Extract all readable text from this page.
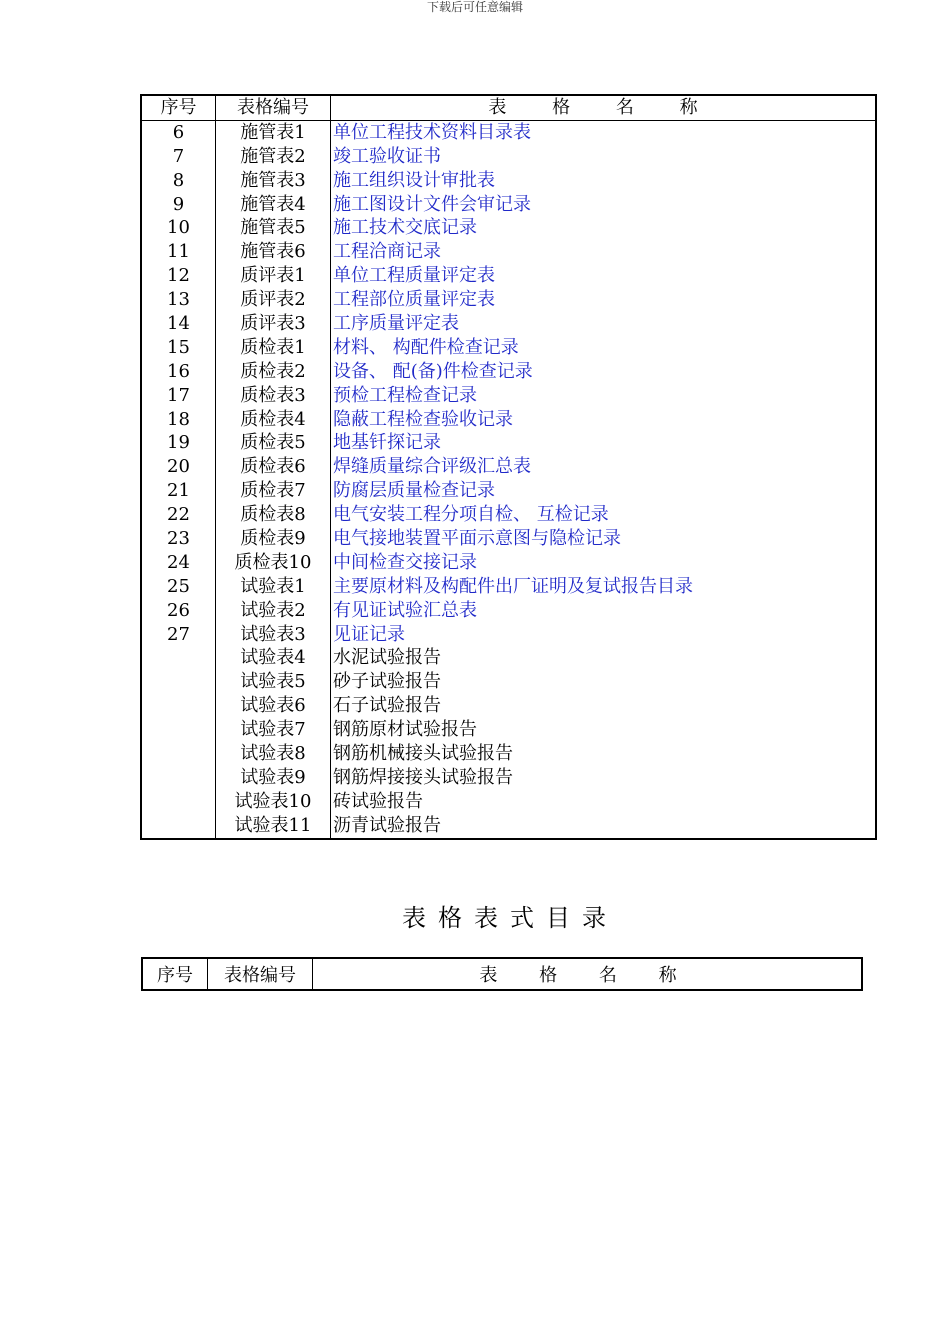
下载后可任意编辑
序号	表格编号	表 格 名 称
6	施管表1	单位工程技术资料目录表
7	施管表2	竣工验收证书
8	施管表3	施工组织设计审批表
9	施管表4	施工图设计文件会审记录
10	施管表5	施工技术交底记录
11	施管表6	工程洽商记录
12	质评表1	单位工程质量评定表
13	质评表2	工程部位质量评定表
14	质评表3	工序质量评定表
15	质检表1	材料、 构配件检查记录
16	质检表2	设备、 配(备)件检查记录
17	质检表3	预检工程检查记录
18	质检表4	隐蔽工程检查验收记录
19	质检表5	地基钎探记录
20	质检表6	焊缝质量综合评级汇总表
21	质检表7	防腐层质量检查记录
22	质检表8	电气安装工程分项自检、 互检记录
23	质检表9	电气接地装置平面示意图与隐检记录
24	质检表10	中间检查交接记录
25	试验表1	主要原材料及构配件出厂证明及复试报告目录
26	试验表2	有见证试验汇总表
27	试验表3	见证记录
	试验表4	水泥试验报告
	试验表5	砂子试验报告
	试验表6	石子试验报告
	试验表7	钢筋原材试验报告
	试验表8	钢筋机械接头试验报告
	试验表9	钢筋焊接接头试验报告
	试验表10	砖试验报告
	试验表11	沥青试验报告
表格表式目录
序号	表格编号	表 格 名 称
